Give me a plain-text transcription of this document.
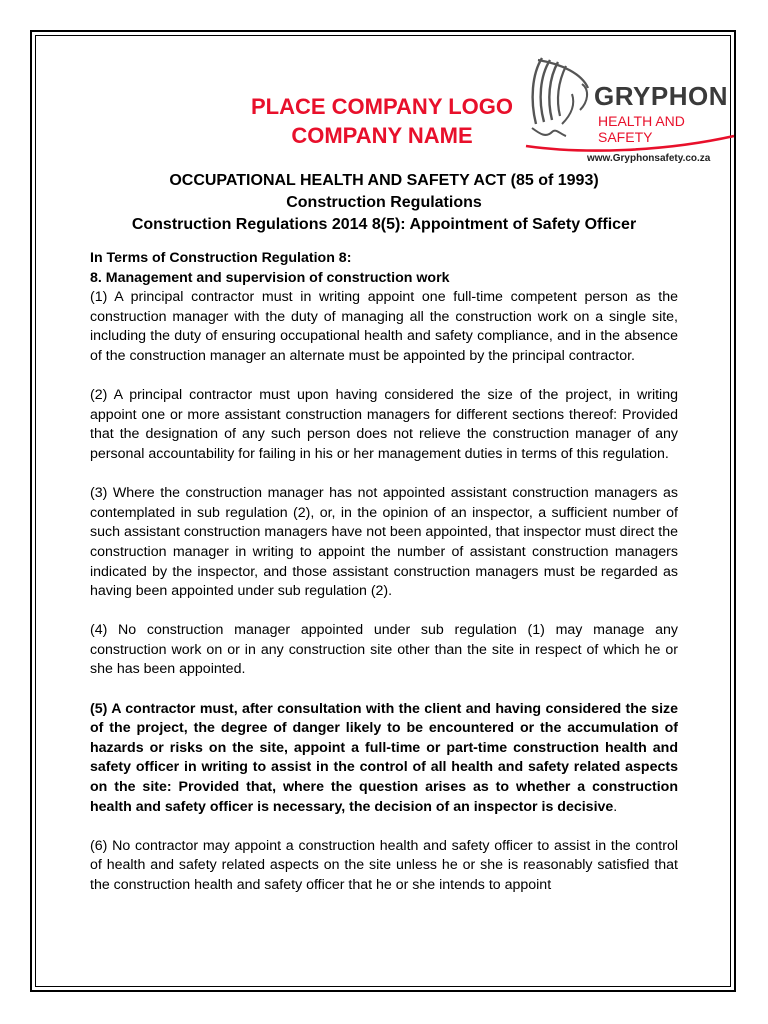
PLACE COMPANY LOGO
COMPANY NAME
GRYPHON
HEALTH AND SAFETY
www.Gryphonsafety.co.za
OCCUPATIONAL HEALTH AND SAFETY ACT (85 of 1993)
Construction Regulations
Construction Regulations 2014 8(5): Appointment of Safety Officer

In Terms of Construction Regulation 8:

8. Management and supervision of construction work

(1) A principal contractor must in writing appoint one full-time competent person as the construction manager with the duty of managing all the construction work on a single site, including the duty of ensuring occupational health and safety compliance, and in the absence of the construction manager an alternate must be appointed by the principal contractor.

(2) A principal contractor must upon having considered the size of the project, in writing appoint one or more assistant construction managers for different sections thereof: Provided that the designation of any such person does not relieve the construction manager of any personal accountability for failing in his or her management duties in terms of this regulation.

(3) Where the construction manager has not appointed assistant construction managers as contemplated in sub regulation (2), or, in the opinion of an inspector, a sufficient number of such assistant construction managers have not been appointed, that inspector must direct the construction manager in writing to appoint the number of assistant construction managers indicated by the inspector, and those assistant construction managers must be regarded as having been appointed under sub regulation (2).

(4) No construction manager appointed under sub regulation (1) may manage any construction work on or in any construction site other than the site in respect of which he or she has been appointed.

(5) A contractor must, after consultation with the client and having considered the size of the project, the degree of danger likely to be encountered or the accumulation of hazards or risks on the site, appoint a full-time or part-time construction health and safety officer in writing to assist in the control of all health and safety related aspects on the site: Provided that, where the question arises as to whether a construction health and safety officer is necessary, the decision of an inspector is decisive.

(6) No contractor may appoint a construction health and safety officer to assist in the control of health and safety related aspects on the site unless he or she is reasonably satisfied that the construction health and safety officer that he or she intends to appoint
